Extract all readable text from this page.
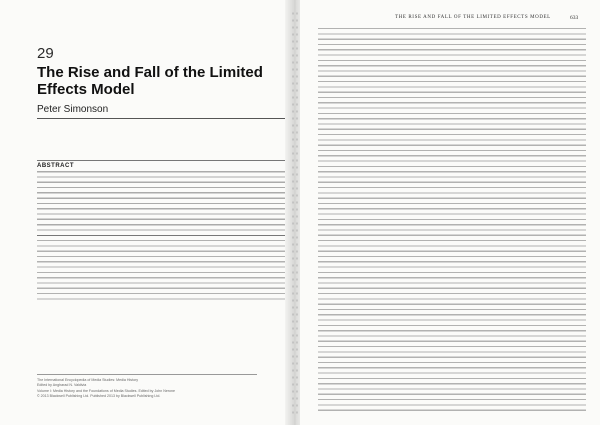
29
The Rise and Fall of the Limited Effects Model
Peter Simonson
ABSTRACT
The International Encyclopedia of Media Studies: Media History
Edited by Angharad N. Valdivia
Volume I: Media History and the Foundations of Media Studies. Edited by John Nerone
© 2013 Blackwell Publishing Ltd. Published 2013 by Blackwell Publishing Ltd.
THE RISE AND FALL OF THE LIMITED EFFECTS MODEL	633
